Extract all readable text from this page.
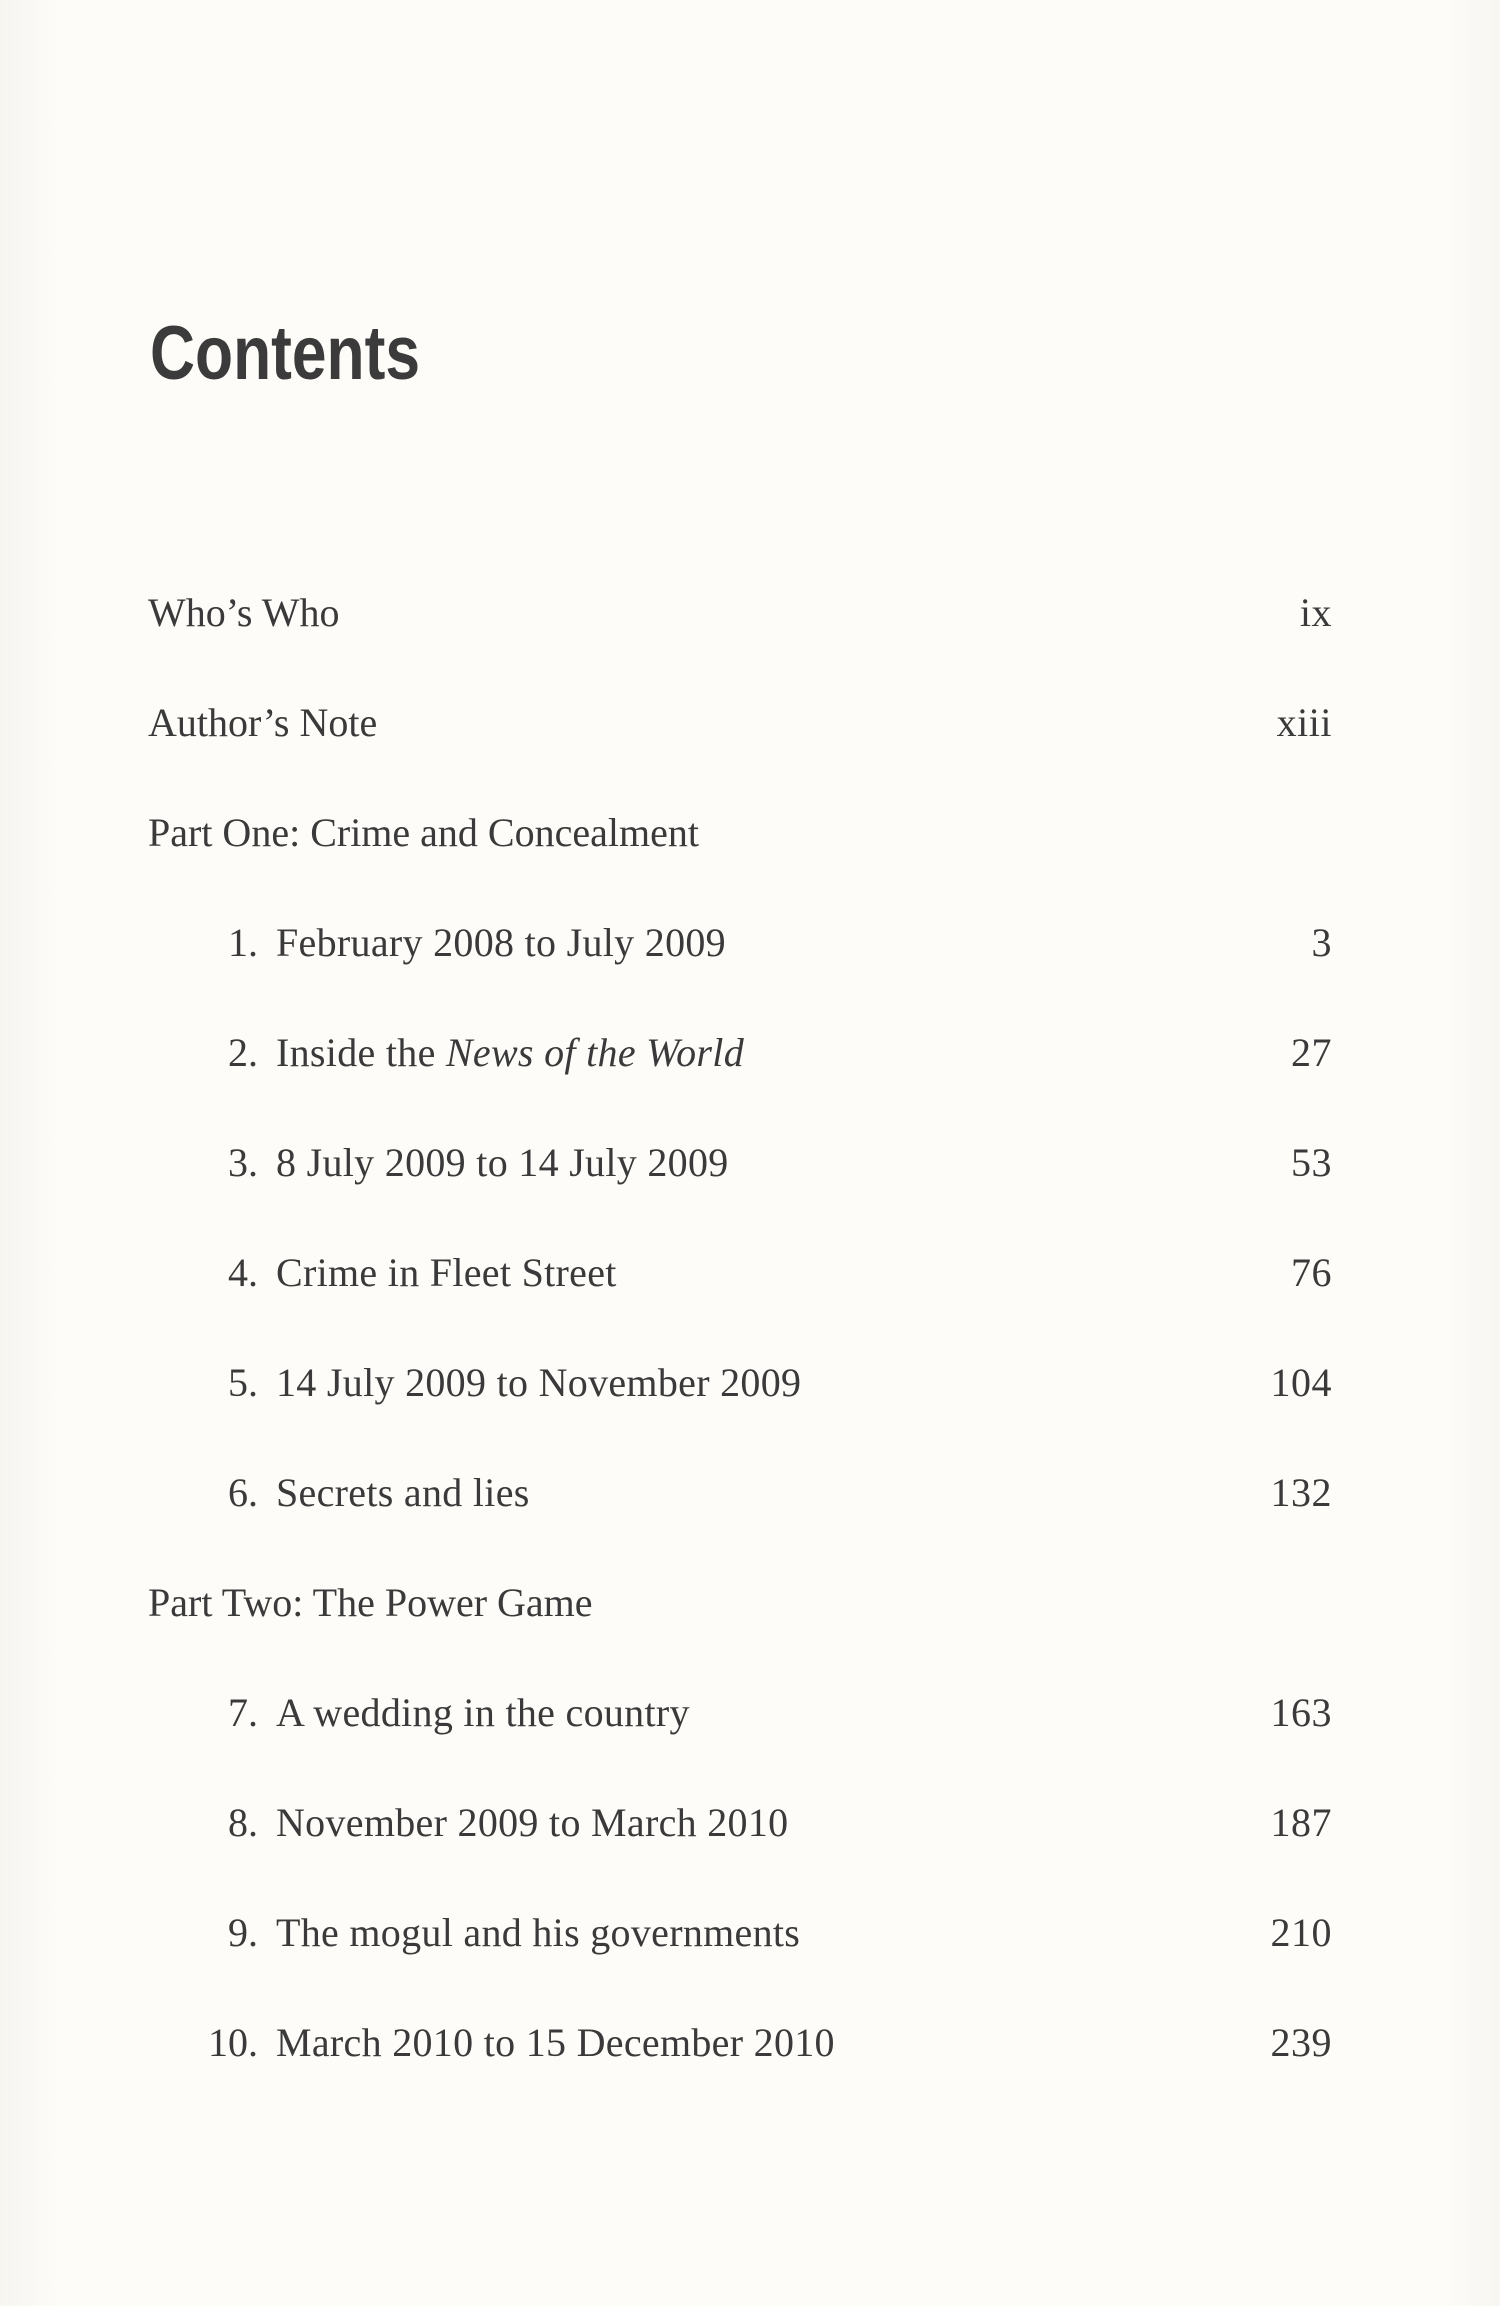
Contents
Who’s Who	ix
Author’s Note	xiii
Part One: Crime and Concealment
1. February 2008 to July 2009	3
2. Inside the News of the World	27
3. 8 July 2009 to 14 July 2009	53
4. Crime in Fleet Street	76
5. 14 July 2009 to November 2009	104
6. Secrets and lies	132
Part Two: The Power Game
7. A wedding in the country	163
8. November 2009 to March 2010	187
9. The mogul and his governments	210
10. March 2010 to 15 December 2010	239
